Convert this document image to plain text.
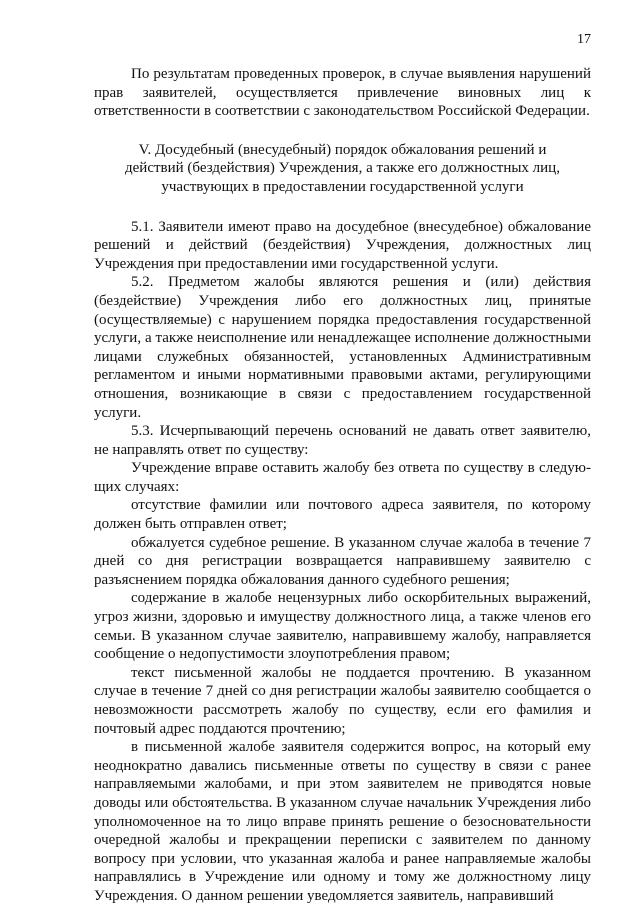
17

По результатам проведенных проверок, в случае выявления нарушений прав заявителей, осуществляется привлечение виновных лиц к ответственности в соответствии с законодательством Российской Федерации.

V. Досудебный (внесудебный) порядок обжалования решений и
действий (бездействия) Учреждения, а также его должностных лиц,
участвующих в предоставлении государственной услуги

5.1. Заявители имеют право на досудебное (внесудебное) обжалование решений и действий (бездействия) Учреждения, должностных лиц Учреждения при предоставлении ими государственной услуги.

5.2. Предметом жалобы являются решения и (или) действия (бездействие) Учреждения либо его должностных лиц, принятые (осуществляемые) с нарушением порядка предоставления государственной услуги, а также неисполнение или ненадлежащее исполнение должностными лицами служебных обязанностей, установленных Административным регламентом и иными нормативными правовыми актами, регулирующими отношения, возникающие в связи с предоставлением государственной услуги.

5.3. Исчерпывающий перечень оснований не давать ответ заявителю, не направлять ответ по существу:

Учреждение вправе оставить жалобу без ответа по существу в следующих случаях:

отсутствие фамилии или почтового адреса заявителя, по которому должен быть отправлен ответ;

обжалуется судебное решение. В указанном случае жалоба в течение 7 дней со дня регистрации возвращается направившему заявителю с разъяснением порядка обжалования данного судебного решения;

содержание в жалобе нецензурных либо оскорбительных выражений, угроз жизни, здоровью и имуществу должностного лица, а также членов его семьи. В указанном случае заявителю, направившему жалобу, направляется сообщение о недопустимости злоупотребления правом;

текст письменной жалобы не поддается прочтению. В указанном случае в течение 7 дней со дня регистрации жалобы заявителю сообщается о невозможности рассмотреть жалобу по существу, если его фамилия и почтовый адрес поддаются прочтению;

в письменной жалобе заявителя содержится вопрос, на который ему неоднократно давались письменные ответы по существу в связи с ранее направляемыми жалобами, и при этом заявителем не приводятся новые доводы или обстоятельства. В указанном случае начальник Учреждения либо уполномоченное на то лицо вправе принять решение о безосновательности очередной жалобы и прекращении переписки с заявителем по данному вопросу при условии, что указанная жалоба и ранее направляемые жалобы направлялись в Учреждение или одному и тому же должностному лицу Учреждения. О данном решении уведомляется заявитель, направивший
